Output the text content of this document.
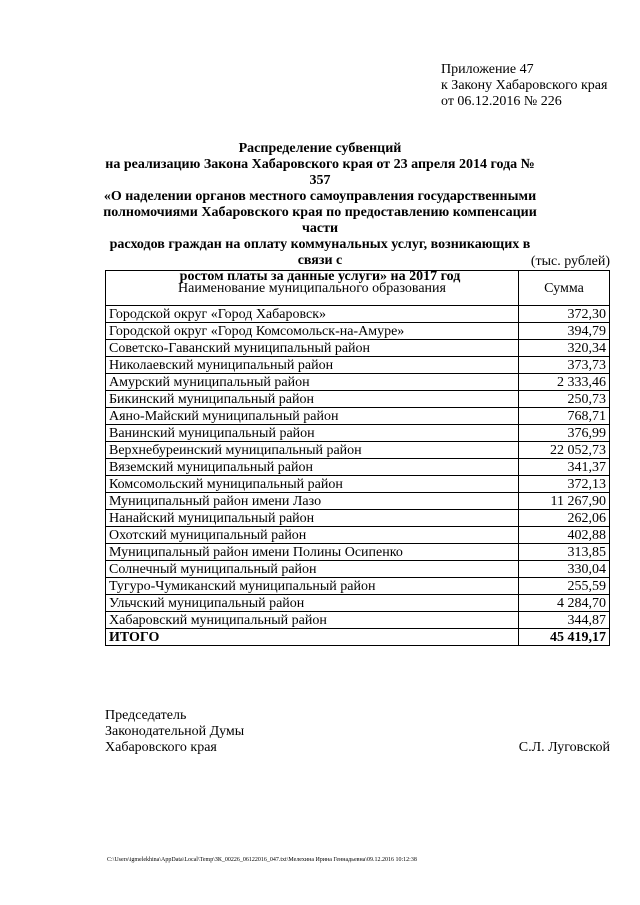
Приложение 47
к Закону Хабаровского края
от 06.12.2016 № 226
Распределение субвенций
на реализацию Закона Хабаровского края от 23 апреля 2014 года № 357
«О наделении органов местного самоуправления государственными
полномочиями Хабаровского края по предоставлению компенсации части
расходов граждан на оплату коммунальных услуг, возникающих в связи с
ростом платы за данные услуги» на 2017 год
(тыс. рублей)
Наименование муниципального образования	Сумма
Городской округ «Город Хабаровск»	372,30
Городской округ «Город Комсомольск-на-Амуре»	394,79
Советско-Гаванский муниципальный район	320,34
Николаевский муниципальный район	373,73
Амурский муниципальный район	2 333,46
Бикинский муниципальный район	250,73
Аяно-Майский муниципальный район	768,71
Ванинский муниципальный район	376,99
Верхнебуреинский муниципальный район	22 052,73
Вяземский муниципальный район	341,37
Комсомольский муниципальный район	372,13
Муниципальный район имени Лазо	11 267,90
Нанайский муниципальный район	262,06
Охотский муниципальный район	402,88
Муниципальный район имени Полины Осипенко	313,85
Солнечный муниципальный район	330,04
Тугуро-Чумиканский муниципальный район	255,59
Ульчский муниципальный район	4 284,70
Хабаровский муниципальный район	344,87
ИТОГО	45 419,17
Председатель
Законодательной Думы
Хабаровского края	С.Л. Луговской
C:\Users\igmelekhina\AppData\Local\Temp\ЗК_00226_06122016_047.txt\Мелехина Ирина Геннадьевна\09.12.2016 10:12:38
